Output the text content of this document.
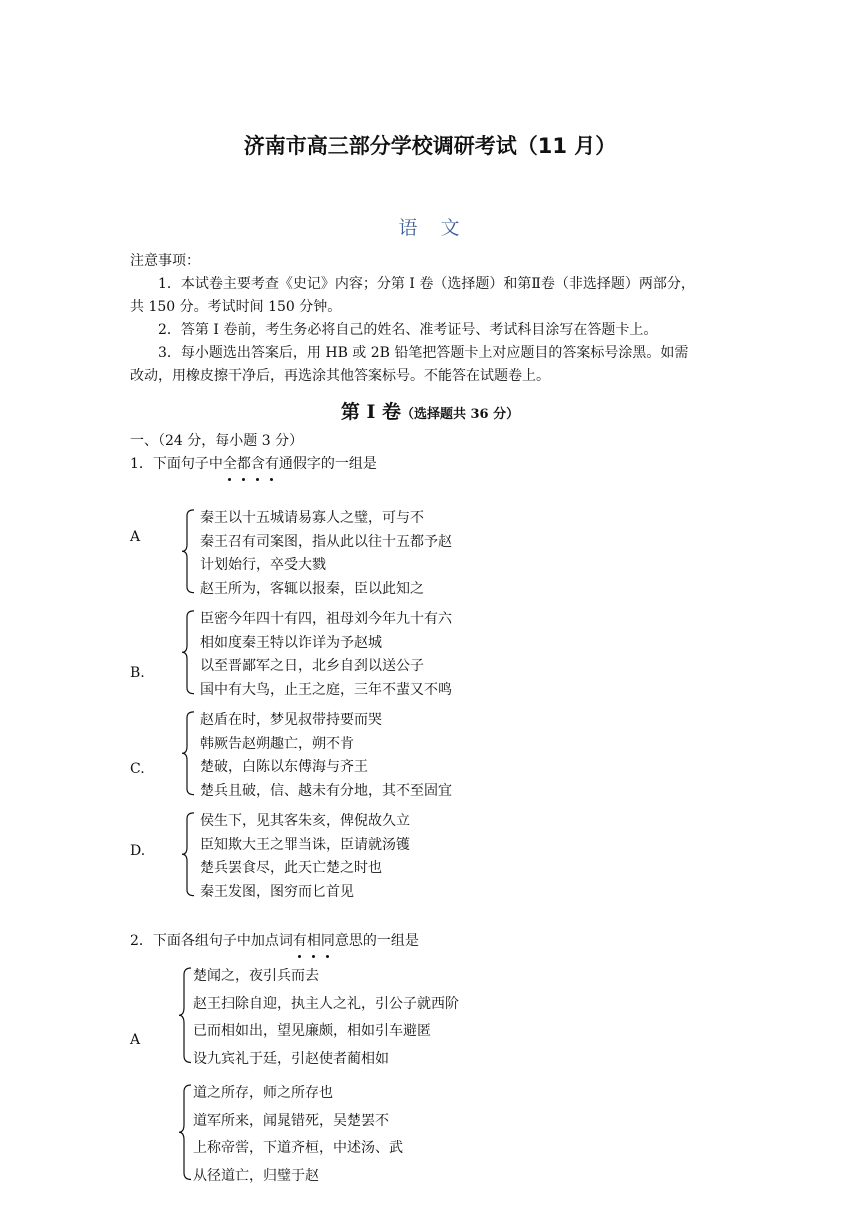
济南市高三部分学校调研考试（11 月）
语　文
注意事项：
1．本试卷主要考查《史记》内容；分第 I 卷（选择题）和第Ⅱ卷（非选择题）两部分，
共 150 分。考试时间 150 分钟。
2．答第 I 卷前，考生务必将自己的姓名、准考证号、考试科目涂写在答题卡上。
3．每小题选出答案后，用 HB 或 2B 铅笔把答题卡上对应题目的答案标号涂黑。如需
改动，用橡皮擦干净后，再选涂其他答案标号。不能答在试题卷上。
第 I 卷（选择题共 36 分）
一、（24 分，每小题 3 分）
1．下面句子中全都含有通假字的一组是
A
秦王以十五城请易寡人之璧，可与不
秦王召有司案图，指从此以往十五都予赵
计划始行，卒受大戮
赵王所为，客辄以报秦，臣以此知之
B.
臣密今年四十有四，祖母刘今年九十有六
相如度秦王特以诈详为予赵城
以至晋鄙军之日，北乡自刭以送公子
国中有大鸟，止王之庭，三年不蜚又不鸣
C.
赵盾在时，梦见叔带持要而哭
韩厥告赵朔趣亡，朔不肯
楚破，白陈以东傅海与齐王
楚兵且破，信、越未有分地，其不至固宜
D.
侯生下，见其客朱亥，俾倪故久立
臣知欺大王之罪当诛，臣请就汤镬
楚兵罢食尽，此天亡楚之时也
秦王发图，图穷而匕首见
2．下面各组句子中加点词有相同意思的一组是
A
楚闻之，夜引兵而去
赵王扫除自迎，执主人之礼，引公子就西阶
已而相如出，望见廉颇，相如引车避匿
设九宾礼于廷，引赵使者蔺相如
道之所存，师之所存也
道军所来，闻晁错死，吴楚罢不
上称帝喾，下道齐桓，中述汤、武
从径道亡，归璧于赵
